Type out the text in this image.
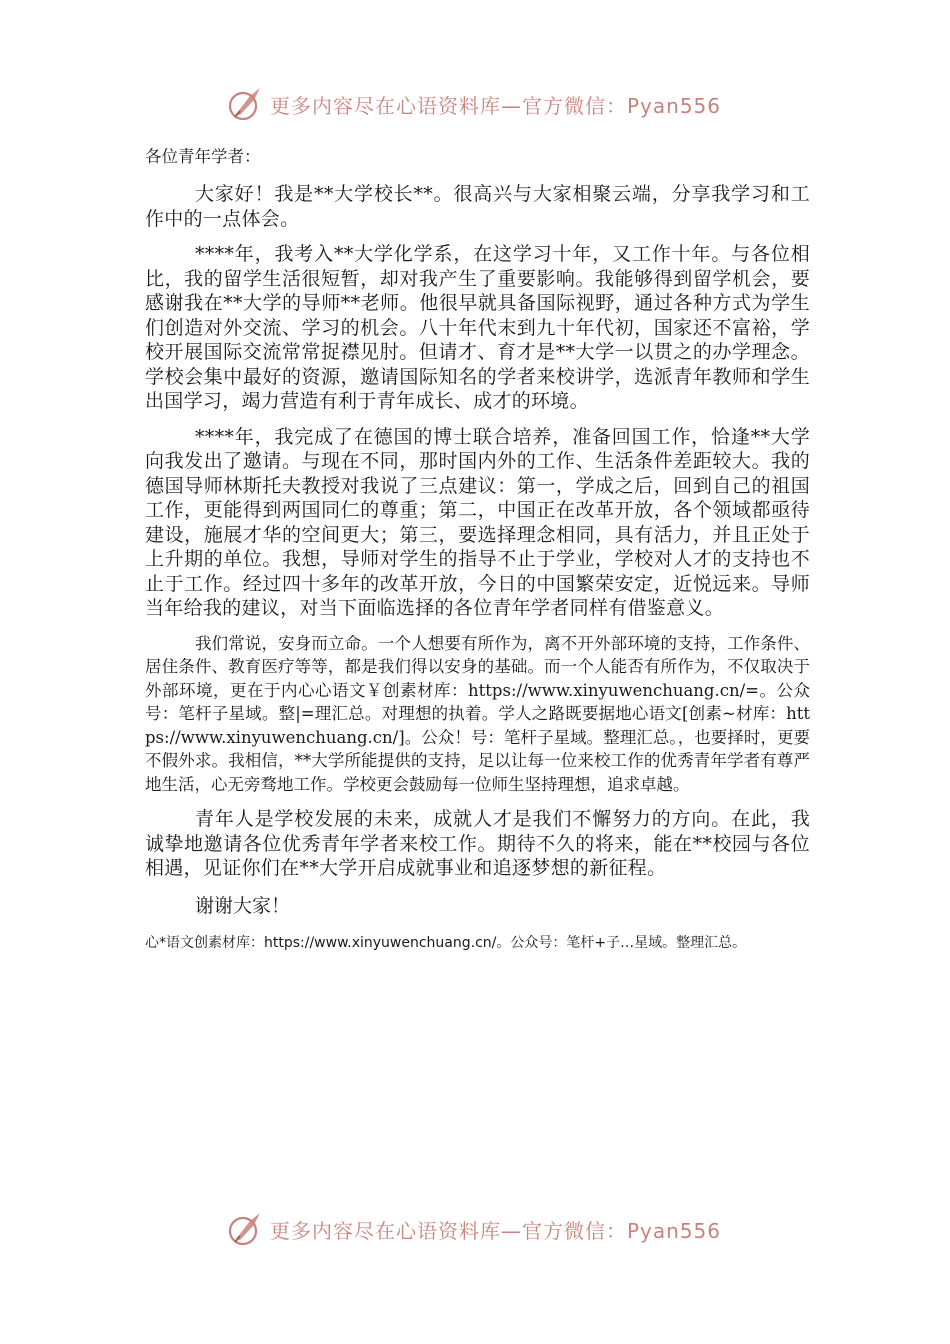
更多内容尽在心语资料库—官方微信：Pyan556

各位青年学者：

大家好！我是**大学校长**。很高兴与大家相聚云端，分享我学习和工作中的一点体会。

****年，我考入**大学化学系，在这学习十年，又工作十年。与各位相比，我的留学生活很短暂，却对我产生了重要影响。我能够得到留学机会，要感谢我在**大学的导师**老师。他很早就具备国际视野，通过各种方式为学生们创造对外交流、学习的机会。八十年代末到九十年代初，国家还不富裕，学校开展国际交流常常捉襟见肘。但请才、育才是**大学一以贯之的办学理念。学校会集中最好的资源，邀请国际知名的学者来校讲学，选派青年教师和学生出国学习，竭力营造有利于青年成长、成才的环境。

****年，我完成了在德国的博士联合培养，准备回国工作，恰逢**大学向我发出了邀请。与现在不同，那时国内外的工作、生活条件差距较大。我的德国导师林斯托夫教授对我说了三点建议：第一，学成之后，回到自己的祖国工作，更能得到两国同仁的尊重；第二，中国正在改革开放，各个领域都亟待建设，施展才华的空间更大；第三，要选择理念相同，具有活力，并且正处于上升期的单位。我想，导师对学生的指导不止于学业，学校对人才的支持也不止于工作。经过四十多年的改革开放，今日的中国繁荣安定，近悦远来。导师当年给我的建议，对当下面临选择的各位青年学者同样有借鉴意义。

我们常说，安身而立命。一个人想要有所作为，离不开外部环境的支持，工作条件、居住条件、教育医疗等等，都是我们得以安身的基础。而一个人能否有所作为，不仅取决于外部环境，更在于内心心语文￥创素材库：https://www.xinyuwenchuang.cn/=。公众号：笔杆子星域。整|=理汇总。对理想的执着。学人之路既要据地心语文[创素~材库：https://www.xinyuwenchuang.cn/]。公众！号：笔杆子星域。整理汇总。，也要择时，更要不假外求。我相信，**大学所能提供的支持，足以让每一位来校工作的优秀青年学者有尊严地生活，心无旁骛地工作。学校更会鼓励每一位师生坚持理想，追求卓越。

青年人是学校发展的未来，成就人才是我们不懈努力的方向。在此，我诚挚地邀请各位优秀青年学者来校工作。期待不久的将来，能在**校园与各位相遇，见证你们在**大学开启成就事业和追逐梦想的新征程。

谢谢大家！

心*语文创素材库：https://www.xinyuwenchuang.cn/。公众号：笔杆+子…星域。整理汇总。

更多内容尽在心语资料库—官方微信：Pyan556
